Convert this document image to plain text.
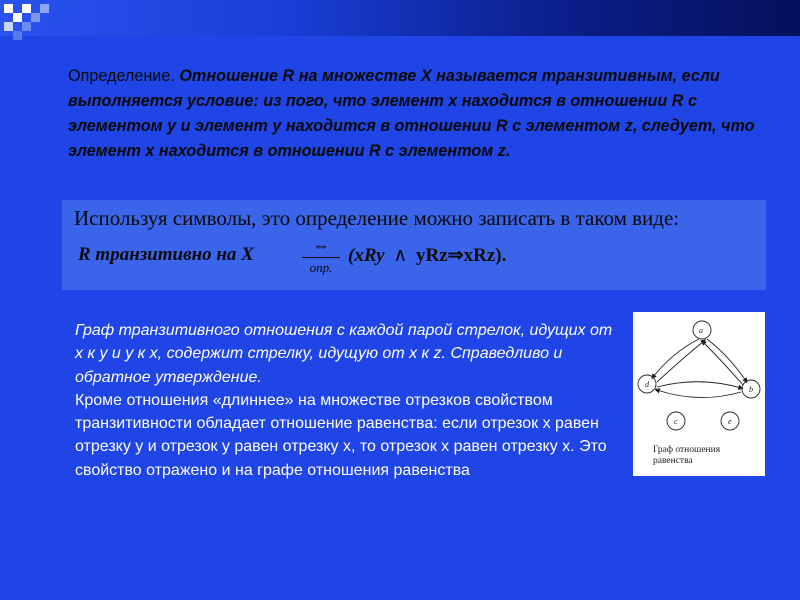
Определение. Отношение R на множестве X называется транзитивным, если выполняется условие: из пого, что элемент x находится в отношении R с элементом y и элемент y находится в отношении R с элементом z, следует, что элемент x находится в отношении R с элементом z.
Используя символы, это определение можно записать в таком виде:
R транзитивно на X	⇔
опр.
(xRy ∧ yRz⇒xRz).

Граф транзитивного отношения с каждой парой стрелок, идущих от x к y и y к x, содержит стрелку, идущую от x к z. Справедливо и обратное утверждение.

Кроме отношения «длиннее» на множестве отрезков свойством транзитивности обладает отношение равенства: если отрезок x равен отрезку y и отрезок y равен отрезку x, то отрезок x равен отрезку x. Это свойство отражено и на графе отношения равенства

a
b
c
d
e
Граф отношения равенства
